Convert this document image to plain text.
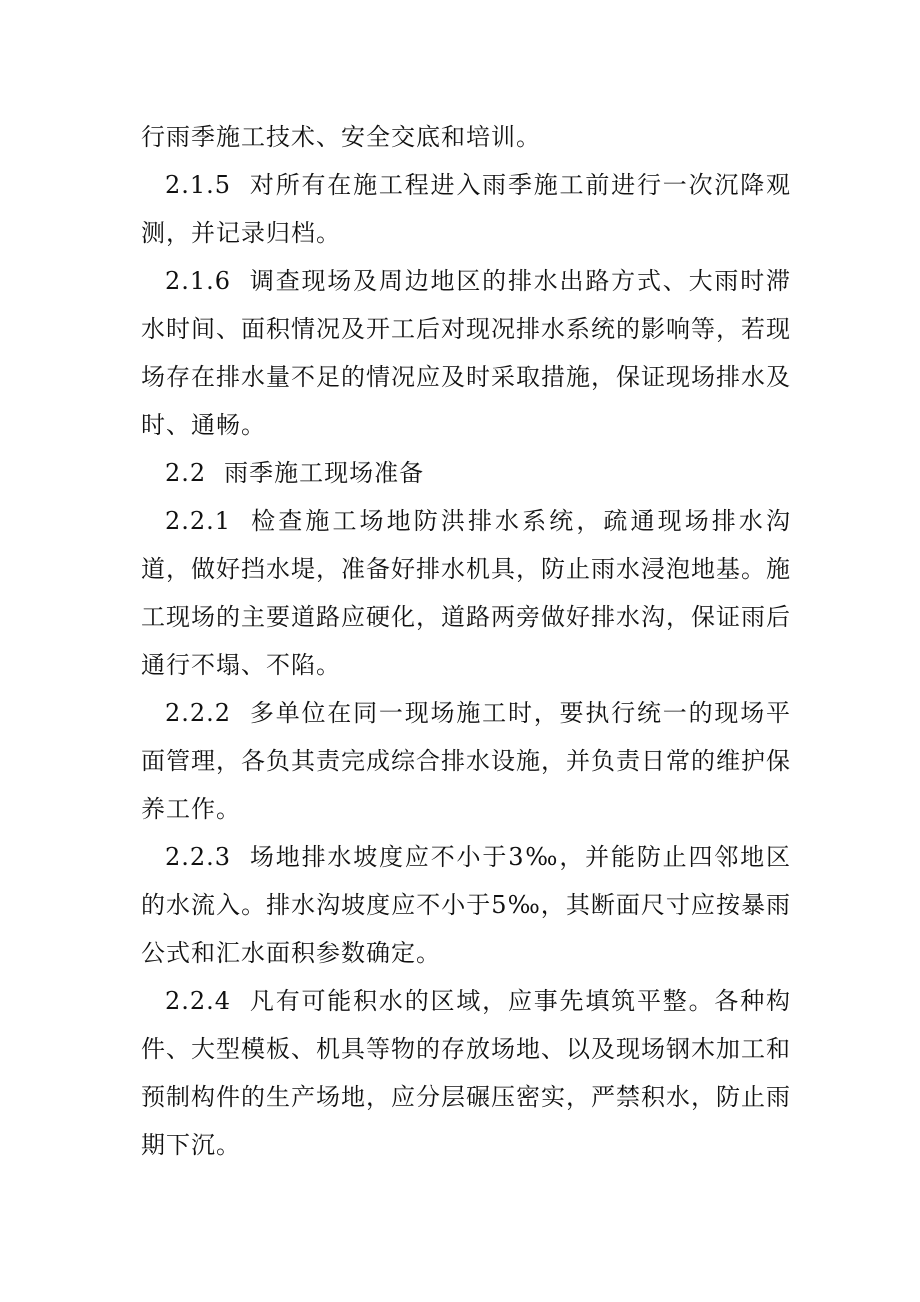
行雨季施工技术、安全交底和培训。

2.1.5 对所有在施工程进入雨季施工前进行一次沉降观测，并记录归档。

2.1.6 调查现场及周边地区的排水出路方式、大雨时滞水时间、面积情况及开工后对现况排水系统的影响等，若现场存在排水量不足的情况应及时采取措施，保证现场排水及时、通畅。

2.2 雨季施工现场准备

2.2.1 检查施工场地防洪排水系统，疏通现场排水沟道，做好挡水堤，准备好排水机具，防止雨水浸泡地基。施工现场的主要道路应硬化，道路两旁做好排水沟，保证雨后通行不塌、不陷。

2.2.2 多单位在同一现场施工时，要执行统一的现场平面管理，各负其责完成综合排水设施，并负责日常的维护保养工作。

2.2.3 场地排水坡度应不小于3‰，并能防止四邻地区的水流入。排水沟坡度应不小于5‰，其断面尺寸应按暴雨公式和汇水面积参数确定。

2.2.4 凡有可能积水的区域，应事先填筑平整。各种构件、大型模板、机具等物的存放场地、以及现场钢木加工和预制构件的生产场地，应分层碾压密实，严禁积水，防止雨期下沉。
